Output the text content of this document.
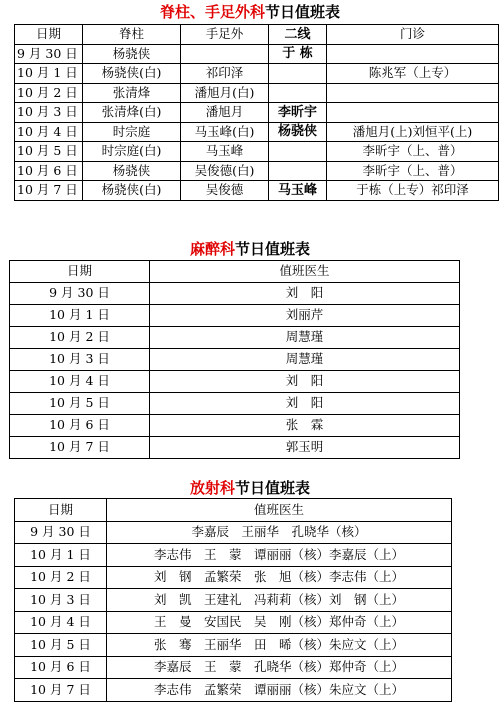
脊柱、手足外科节日值班表
日期	脊柱	手足外	二线	门诊
9 月 30 日	杨骁侠		于 栋	
10 月 1 日	杨骁侠(白)	祁印泽		陈兆军（上专）
10 月 2 日	张清烽	潘旭月(白)		
10 月 3 日	张清烽(白)	潘旭月	李昕宇	
10 月 4 日	时宗庭	马玉峰(白)	杨骁侠	潘旭月(上)刘恒平(上)
10 月 5 日	时宗庭(白)	马玉峰		李昕宇（上、普）
10 月 6 日	杨骁侠	吴俊德(白)		李昕宇（上、普）
10 月 7 日	杨骁侠(白)	吴俊德	马玉峰	于栋（上专）祁印泽
麻醉科节日值班表
日期	值班医生
9 月 30 日	刘　阳
10 月 1 日	刘丽芹
10 月 2 日	周慧瑾
10 月 3 日	周慧瑾
10 月 4 日	刘　阳
10 月 5 日	刘　阳
10 月 6 日	张　霖
10 月 7 日	郭玉明
放射科节日值班表
日期	值班医生
9 月 30 日	李嘉辰　王丽华　孔晓华（核）
10 月 1 日	李志伟　王　蒙　谭丽丽（核）李嘉辰（上）
10 月 2 日	刘　钢　孟繁荣　张　旭（核）李志伟（上）
10 月 3 日	刘　凯　王建礼　冯莉莉（核）刘　钢（上）
10 月 4 日	王　曼　安国民　吴　刚（核）郑仲奇（上）
10 月 5 日	张　骞　王丽华　田　晞（核）朱应文（上）
10 月 6 日	李嘉辰　王　蒙　孔晓华（核）郑仲奇（上）
10 月 7 日	李志伟　孟繁荣　谭丽丽（核）朱应文（上）
